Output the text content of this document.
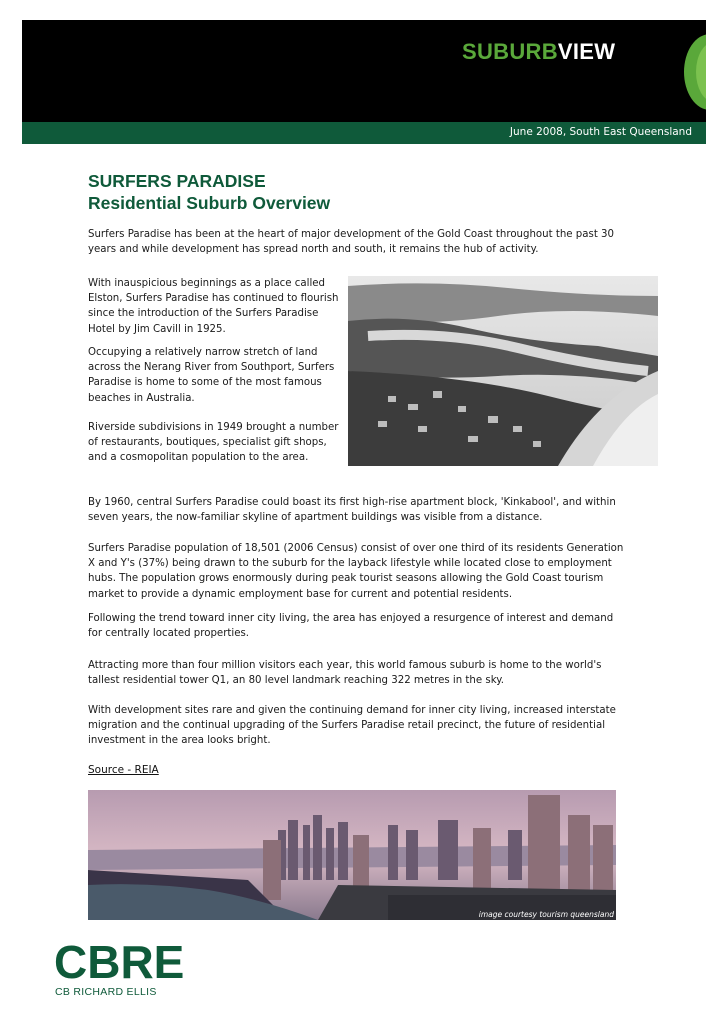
SUBURBVIEW
June 2008, South East Queensland
SURFERS PARADISE
Residential Suburb Overview

Surfers Paradise has been at the heart of major development of the Gold Coast throughout the past 30 years and while development has spread north and south, it remains the hub of activity.

With inauspicious beginnings as a place called Elston, Surfers Paradise has continued to flourish since the introduction of the Surfers Paradise Hotel by Jim Cavill in 1925.

Occupying a relatively narrow stretch of land across the Nerang River from Southport, Surfers Paradise is home to some of the most famous beaches in Australia.

Riverside subdivisions in 1949 brought a number of restaurants, boutiques, specialist gift shops, and a cosmopolitan population to the area.

By 1960, central Surfers Paradise could boast its first high-rise apartment block, 'Kinkabool', and within seven years, the now-familiar skyline of apartment buildings was visible from a distance.

Surfers Paradise population of 18,501 (2006 Census) consist of over one third of its residents Generation X and Y's (37%) being drawn to the suburb for the layback lifestyle while located close to employment hubs. The population grows enormously during peak tourist seasons allowing the Gold Coast tourism market to provide a dynamic employment base for current and potential residents.

Following the trend toward inner city living, the area has enjoyed a resurgence of interest and demand for centrally located properties.

Attracting more than four million visitors each year, this world famous suburb is home to the world's tallest residential tower Q1, an 80 level landmark reaching 322 metres in the sky.

With development sites rare and given the continuing demand for inner city living, increased interstate migration and the continual upgrading of the Surfers Paradise retail precinct, the future of residential investment in the area looks bright.

Source - REIA
image courtesy tourism queensland
CBRE
CB RICHARD ELLIS
